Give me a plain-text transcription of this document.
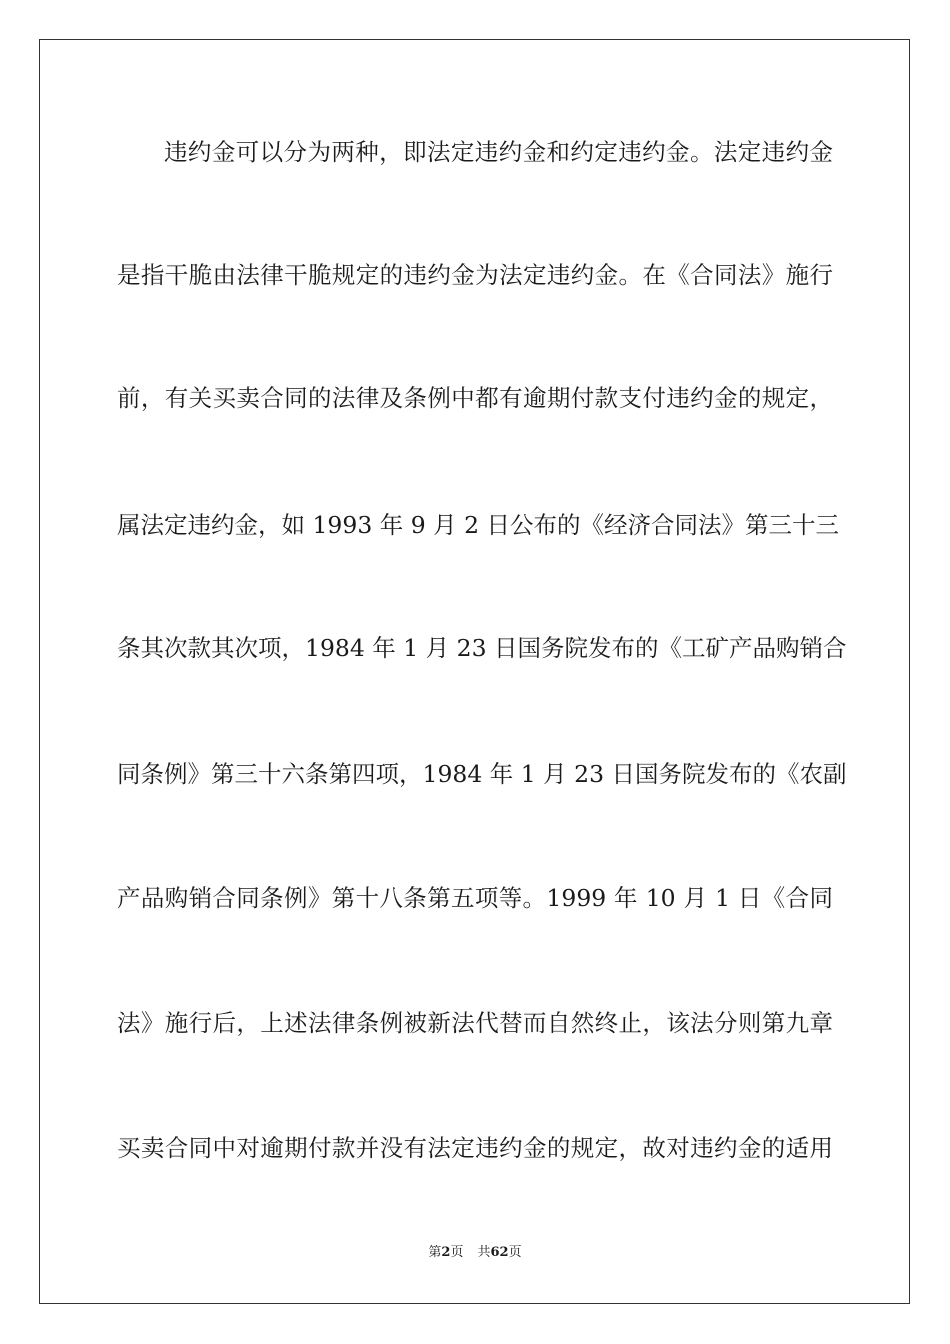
违约金可以分为两种，即法定违约金和约定违约金。法定违约金
是指干脆由法律干脆规定的违约金为法定违约金。在《合同法》施行
前，有关买卖合同的法律及条例中都有逾期付款支付违约金的规定，
属法定违约金，如 1993 年 9 月 2 日公布的《经济合同法》第三十三
条其次款其次项，1984 年 1 月 23 日国务院发布的《工矿产品购销合
同条例》第三十六条第四项，1984 年 1 月 23 日国务院发布的《农副
产品购销合同条例》第十八条第五项等。1999 年 10 月 1 日《合同
法》施行后，上述法律条例被新法代替而自然终止，该法分则第九章
买卖合同中对逾期付款并没有法定违约金的规定，故对违约金的适用
第2页 共62页
